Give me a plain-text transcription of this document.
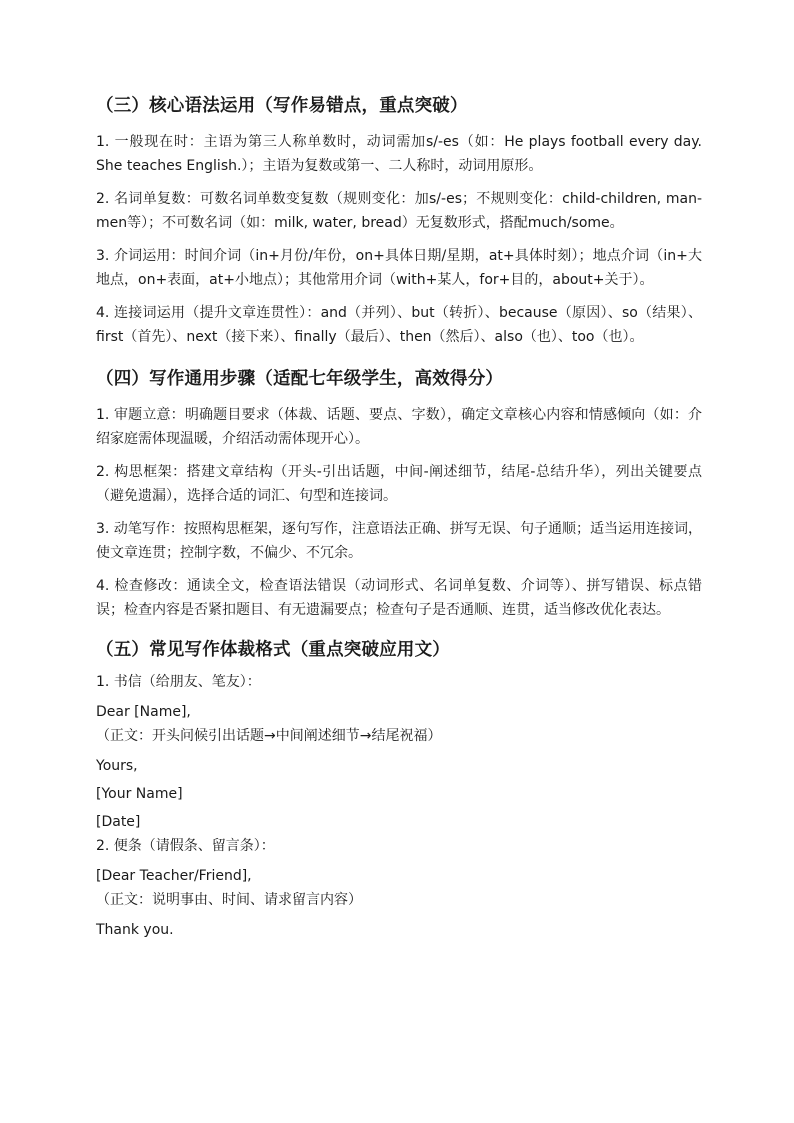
（三）核心语法运用（写作易错点，重点突破）

1. 一般现在时：主语为第三人称单数时，动词需加s/-es（如：He plays football every day. She teaches English.）；主语为复数或第一、二人称时，动词用原形。

2. 名词单复数：可数名词单数变复数（规则变化：加s/-es；不规则变化：child-children, man-men等）；不可数名词（如：milk, water, bread）无复数形式，搭配much/some。

3. 介词运用：时间介词（in+月份/年份，on+具体日期/星期，at+具体时刻）；地点介词（in+大地点，on+表面，at+小地点）；其他常用介词（with+某人，for+目的，about+关于）。

4. 连接词运用（提升文章连贯性）：and（并列）、but（转折）、because（原因）、so（结果）、first（首先）、next（接下来）、finally（最后）、then（然后）、also（也）、too（也）。

（四）写作通用步骤（适配七年级学生，高效得分）

1. 审题立意：明确题目要求（体裁、话题、要点、字数），确定文章核心内容和情感倾向（如：介绍家庭需体现温暖，介绍活动需体现开心）。

2. 构思框架：搭建文章结构（开头-引出话题，中间-阐述细节，结尾-总结升华），列出关键要点（避免遗漏），选择合适的词汇、句型和连接词。

3. 动笔写作：按照构思框架，逐句写作，注意语法正确、拼写无误、句子通顺；适当运用连接词，使文章连贯；控制字数，不偏少、不冗余。

4. 检查修改：通读全文，检查语法错误（动词形式、名词单复数、介词等）、拼写错误、标点错误；检查内容是否紧扣题目、有无遗漏要点；检查句子是否通顺、连贯，适当修改优化表达。

（五）常见写作体裁格式（重点突破应用文）
1. 书信（给朋友、笔友）：
Dear [Name],
（正文：开头问候引出话题→中间阐述细节→结尾祝福）
Yours,
[Your Name]
[Date]
2. 便条（请假条、留言条）：
[Dear Teacher/Friend],
（正文：说明事由、时间、请求留言内容）
Thank you.
